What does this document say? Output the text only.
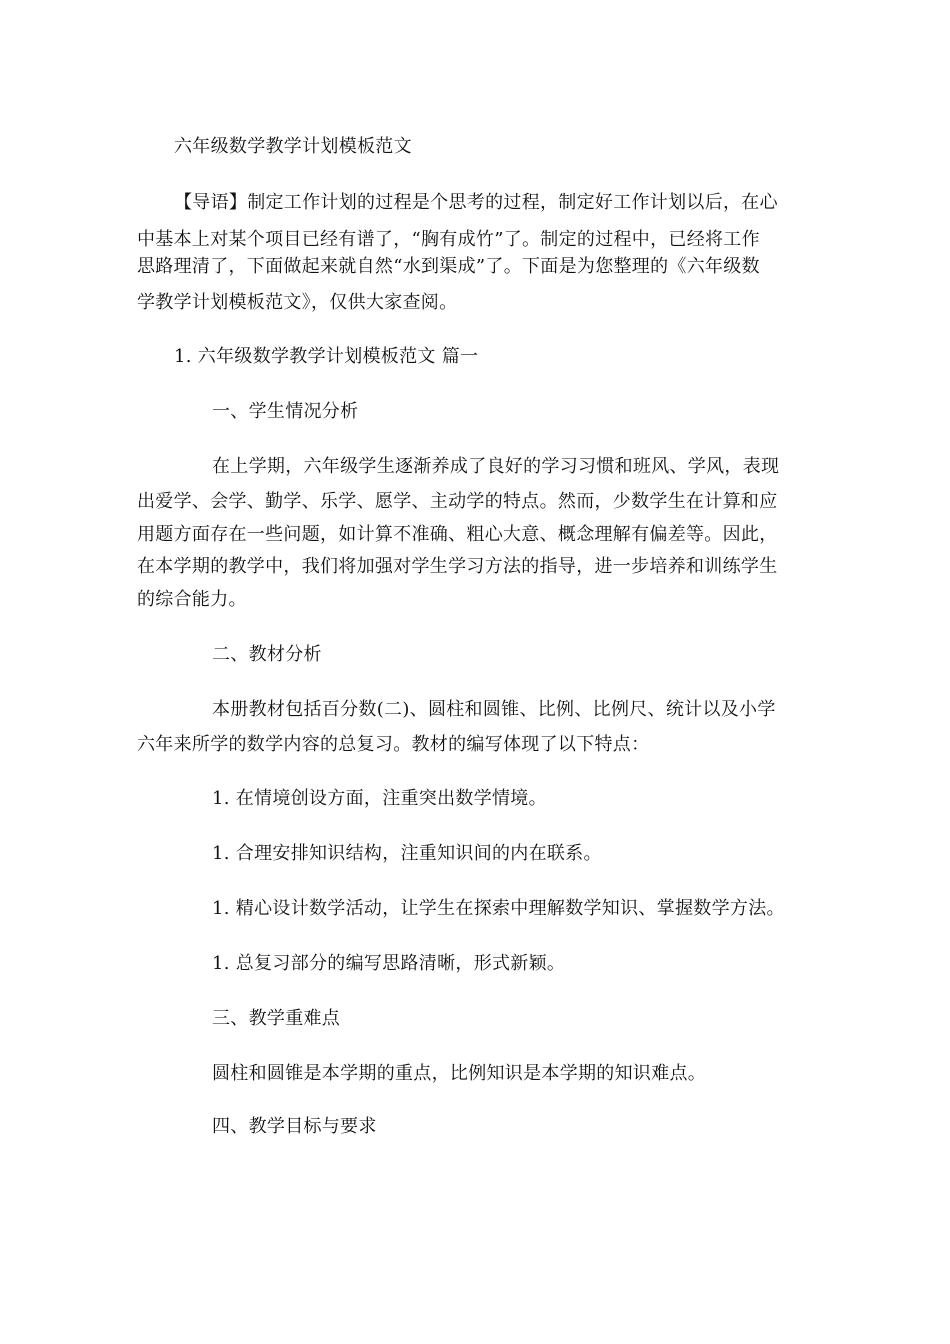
六年级数学教学计划模板范文
【导语】制定工作计划的过程是个思考的过程，制定好工作计划以后，在心
中基本上对某个项目已经有谱了，“胸有成竹”了。制定的过程中，已经将工作
思路理清了，下面做起来就自然“水到渠成”了。下面是为您整理的《六年级数
学教学计划模板范文》，仅供大家查阅。
1. 六年级数学教学计划模板范文 篇一
一、学生情况分析
在上学期，六年级学生逐渐养成了良好的学习习惯和班风、学风，表现
出爱学、会学、勤学、乐学、愿学、主动学的特点。然而，少数学生在计算和应
用题方面存在一些问题，如计算不准确、粗心大意、概念理解有偏差等。因此，
在本学期的教学中，我们将加强对学生学习方法的指导，进一步培养和训练学生
的综合能力。
二、教材分析
本册教材包括百分数(二)、圆柱和圆锥、比例、比例尺、统计以及小学
六年来所学的数学内容的总复习。教材的编写体现了以下特点：
1. 在情境创设方面，注重突出数学情境。
1. 合理安排知识结构，注重知识间的内在联系。
1. 精心设计数学活动，让学生在探索中理解数学知识、掌握数学方法。
1. 总复习部分的编写思路清晰，形式新颖。
三、教学重难点
圆柱和圆锥是本学期的重点，比例知识是本学期的知识难点。
四、教学目标与要求
